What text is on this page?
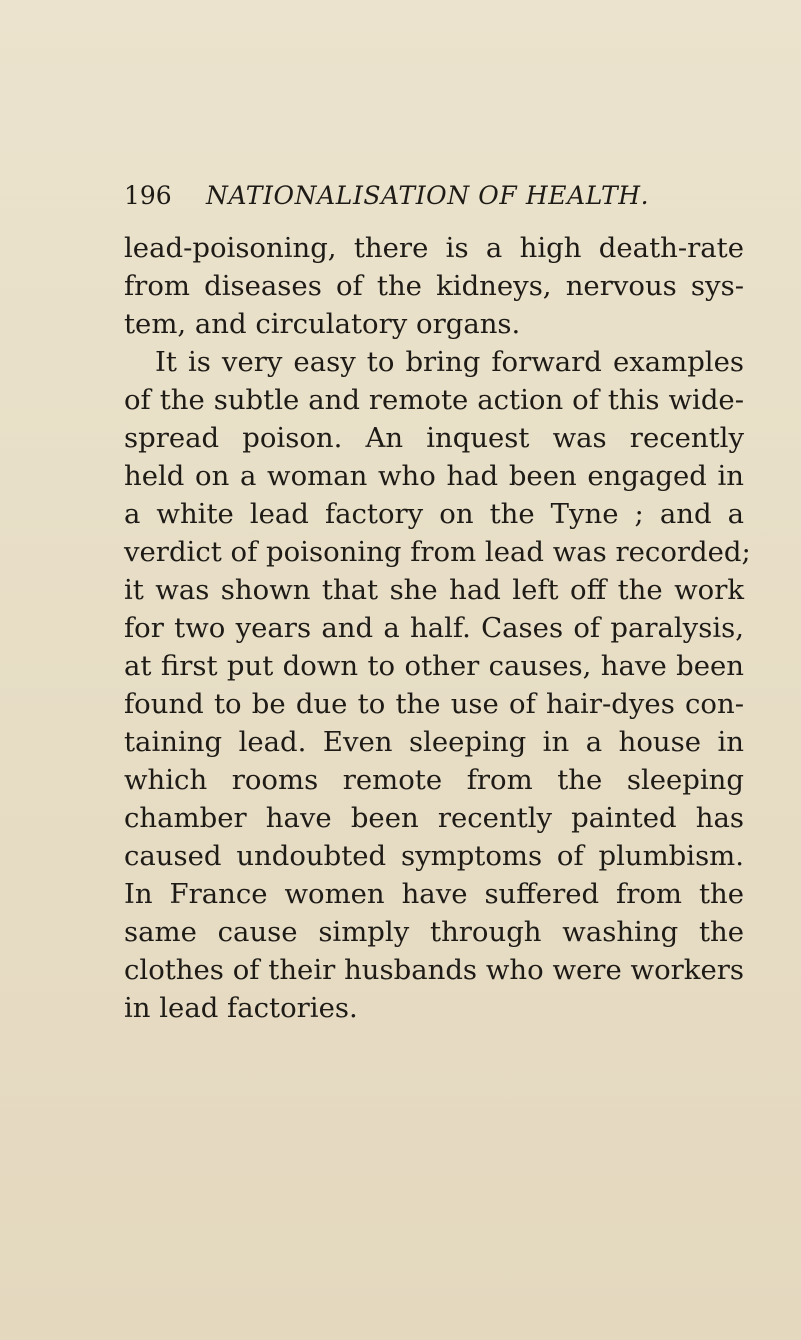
196 NATIONALISATION OF HEALTH.
lead-poisoning, there is a high death-rate
from diseases of the kidneys, nervous sys-
tem, and circulatory organs.
It is very easy to bring forward examples
of the subtle and remote action of this wide-
spread poison. An inquest was recently
held on a woman who had been engaged in
a white lead factory on the Tyne ; and a
verdict of poisoning from lead was recorded;
it was shown that she had left off the work
for two years and a half. Cases of paralysis,
at first put down to other causes, have been
found to be due to the use of hair-dyes con-
taining lead. Even sleeping in a house in
which rooms remote from the sleeping
chamber have been recently painted has
caused undoubted symptoms of plumbism.
In France women have suffered from the
same cause simply through washing the
clothes of their husbands who were workers
in lead factories.
